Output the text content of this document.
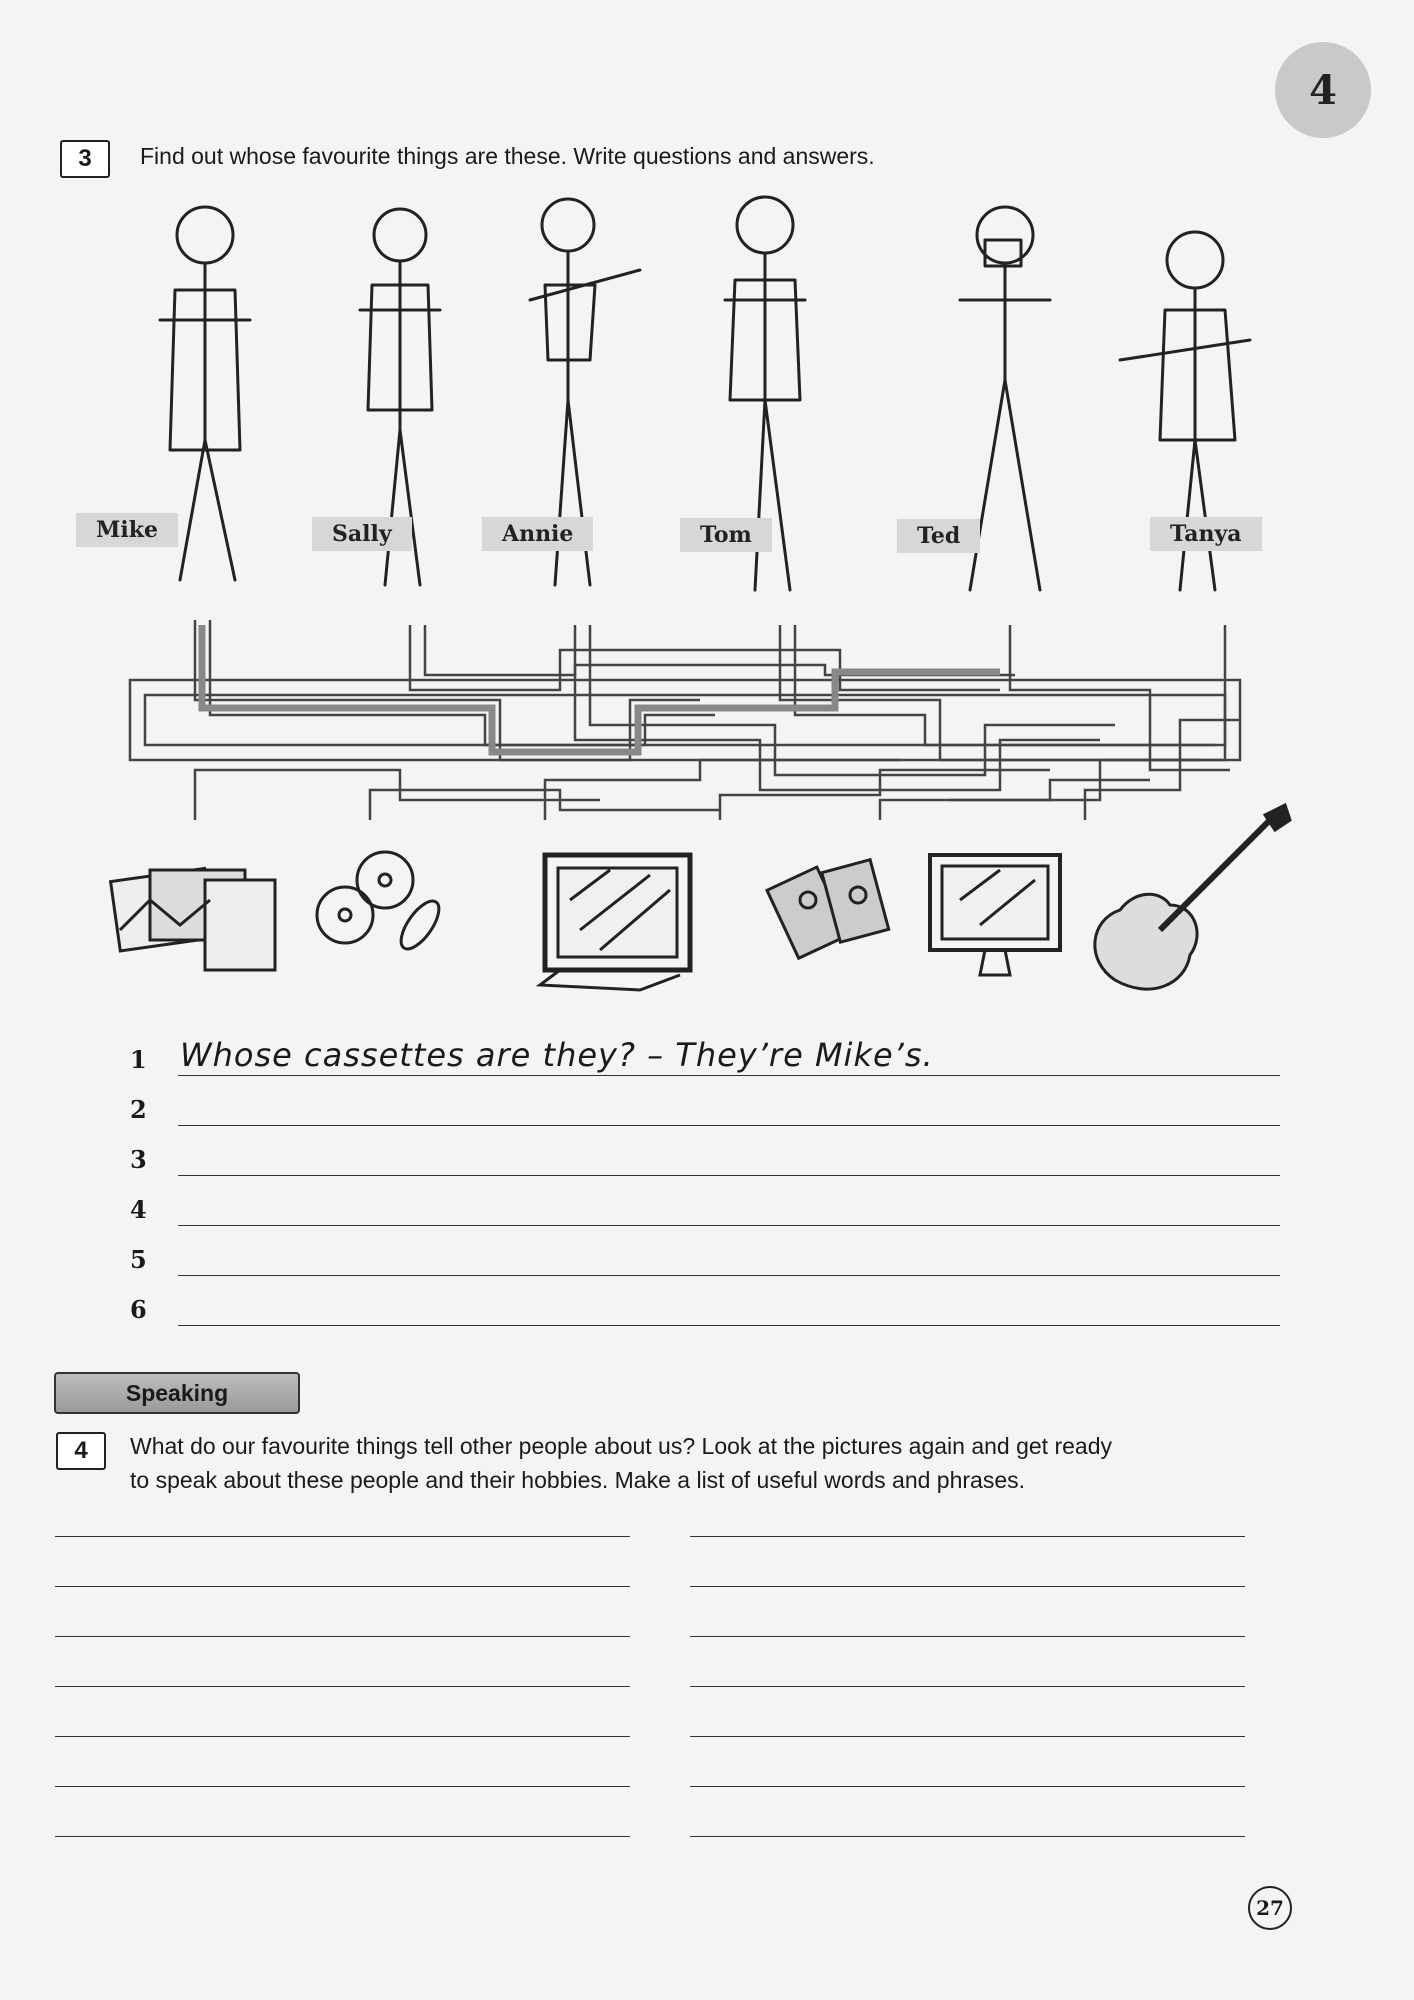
4
3	Find out whose favourite things are these. Write questions and answers.
Mike	Sally	Annie	Tom	Ted	Tanya
1 Whose cassettes are they? – They’re Mike’s.
2
3
4
5
6
Speaking
4	What do our favourite things tell other people about us? Look at the pictures again and get ready
to speak about these people and their hobbies. Make a list of useful words and phrases.
27
